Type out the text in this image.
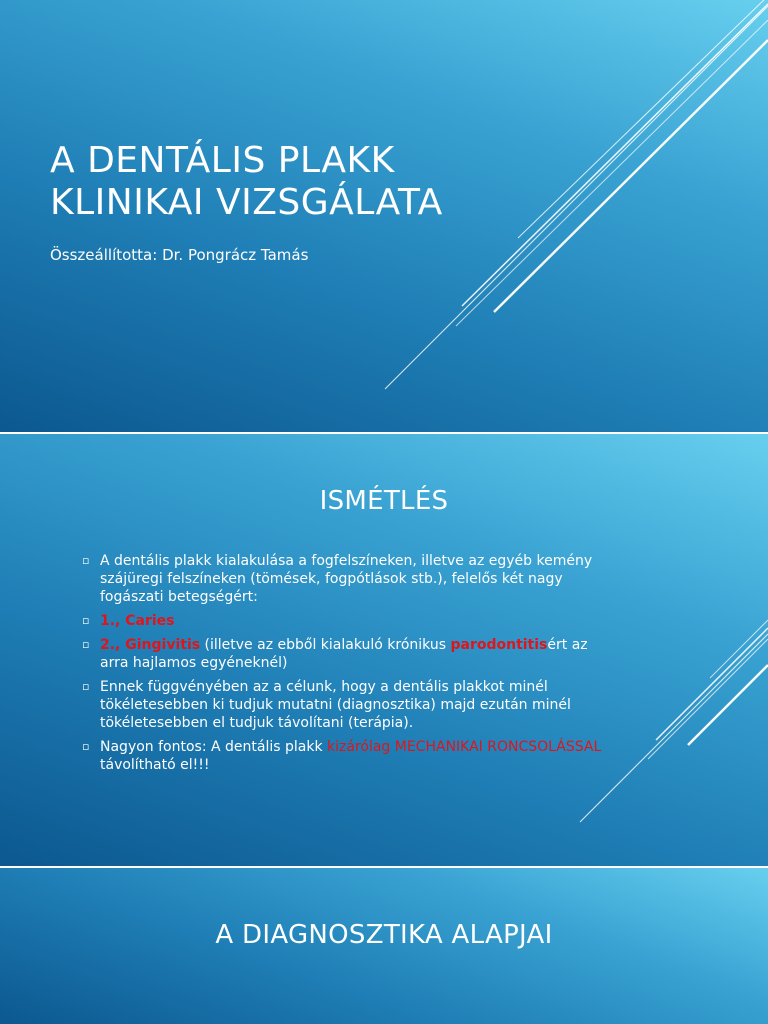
A DENTÁLIS PLAKK
KLINIKAI VIZSGÁLATA
Összeállította: Dr. Pongrácz Tamás
ISMÉTLÉS
▫ A dentális plakk kialakulása a fogfelszíneken, illetve az egyéb kemény szájüregi felszíneken (tömések, fogpótlások stb.), felelős két nagy fogászati betegségért:
▫ 1., Caries
▫ 2., Gingivitis (illetve az ebből kialakuló krónikus parodontitisért az arra hajlamos egyéneknél)
▫ Ennek függvényében az a célunk, hogy a dentális plakkot minél tökéletesebben ki tudjuk mutatni (diagnosztika) majd ezután minél tökéletesebben el tudjuk távolítani (terápia).
▫ Nagyon fontos: A dentális plakk kizárólag MECHANIKAI RONCSOLÁSSAL távolítható el!!!
A DIAGNOSZTIKA ALAPJAI
